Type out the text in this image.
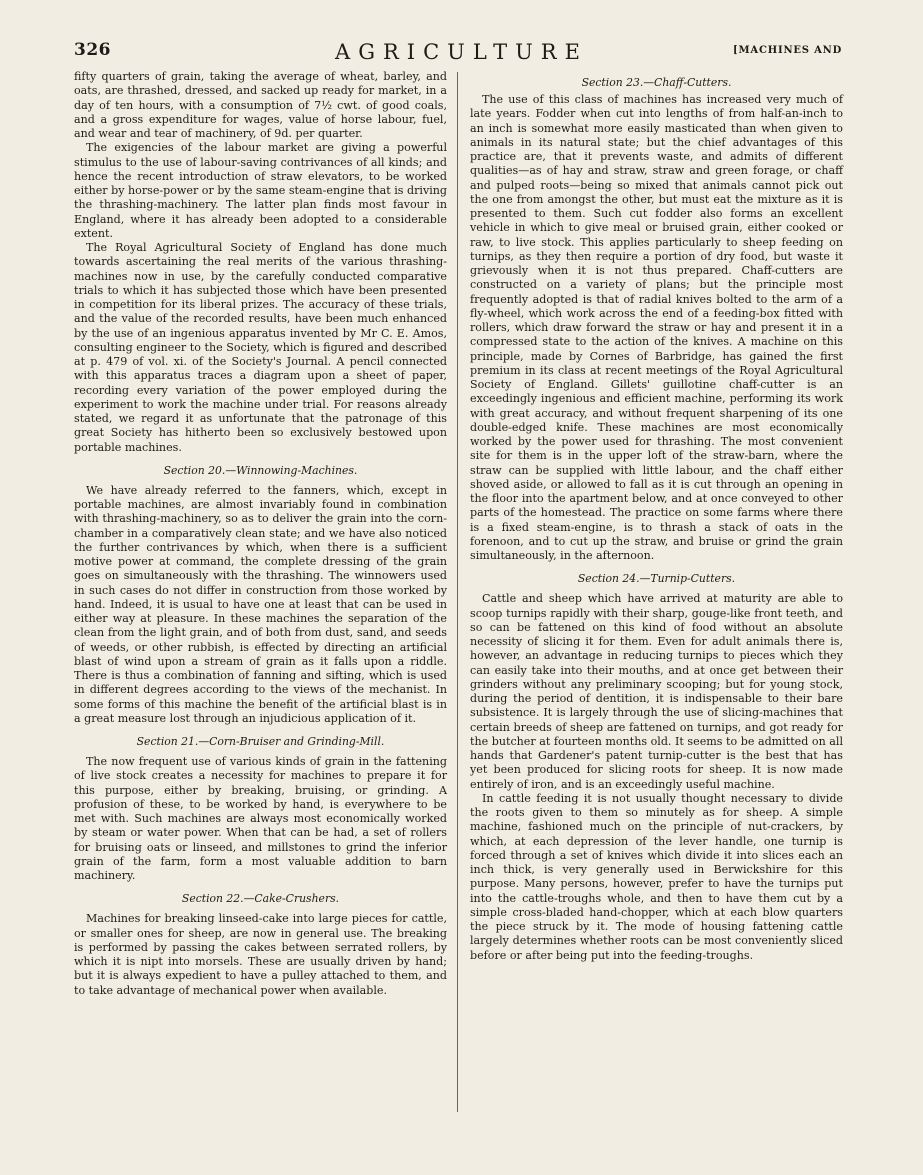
326	AGRICULTURE	[MACHINES AND

fifty quarters of grain, taking the average of wheat, barley, and oats, are thrashed, dressed, and sacked up ready for market, in a day of ten hours, with a consumption of 7½ cwt. of good coals, and a gross expenditure for wages, value of horse labour, fuel, and wear and tear of machinery, of 9d. per quarter.

The exigencies of the labour market are giving a powerful stimulus to the use of labour-saving contrivances of all kinds; and hence the recent introduction of straw elevators, to be worked either by horse-power or by the same steam-engine that is driving the thrashing-machinery. The latter plan finds most favour in England, where it has already been adopted to a considerable extent.

The Royal Agricultural Society of England has done much towards ascertaining the real merits of the various thrashing-machines now in use, by the carefully conducted comparative trials to which it has subjected those which have been presented in competition for its liberal prizes. The accuracy of these trials, and the value of the recorded results, have been much enhanced by the use of an ingenious apparatus invented by Mr C. E. Amos, consulting engineer to the Society, which is figured and described at p. 479 of vol. xi. of the Society's Journal. A pencil connected with this apparatus traces a diagram upon a sheet of paper, recording every variation of the power employed during the experiment to work the machine under trial. For reasons already stated, we regard it as unfortunate that the patronage of this great Society has hitherto been so exclusively bestowed upon portable machines.

Section 20.—Winnowing-Machines.

We have already referred to the fanners, which, except in portable machines, are almost invariably found in combination with thrashing-machinery, so as to deliver the grain into the corn-chamber in a comparatively clean state; and we have also noticed the further contrivances by which, when there is a sufficient motive power at command, the complete dressing of the grain goes on simultaneously with the thrashing. The winnowers used in such cases do not differ in construction from those worked by hand. Indeed, it is usual to have one at least that can be used in either way at pleasure. In these machines the separation of the clean from the light grain, and of both from dust, sand, and seeds of weeds, or other rubbish, is effected by directing an artificial blast of wind upon a stream of grain as it falls upon a riddle. There is thus a combination of fanning and sifting, which is used in different degrees according to the views of the mechanist. In some forms of this machine the benefit of the artificial blast is in a great measure lost through an injudicious application of it.

Section 21.—Corn-Bruiser and Grinding-Mill.

The now frequent use of various kinds of grain in the fattening of live stock creates a necessity for machines to prepare it for this purpose, either by breaking, bruising, or grinding. A profusion of these, to be worked by hand, is everywhere to be met with. Such machines are always most economically worked by steam or water power. When that can be had, a set of rollers for bruising oats or linseed, and millstones to grind the inferior grain of the farm, form a most valuable addition to barn machinery.

Section 22.—Cake-Crushers.

Machines for breaking linseed-cake into large pieces for cattle, or smaller ones for sheep, are now in general use. The breaking is performed by passing the cakes between serrated rollers, by which it is nipt into morsels. These are usually driven by hand; but it is always expedient to have a pulley attached to them, and to take advantage of mechanical power when available.

Section 23.—Chaff-Cutters.

The use of this class of machines has increased very much of late years. Fodder when cut into lengths of from half-an-inch to an inch is somewhat more easily masticated than when given to animals in its natural state; but the chief advantages of this practice are, that it prevents waste, and admits of different qualities—as of hay and straw, straw and green forage, or chaff and pulped roots—being so mixed that animals cannot pick out the one from amongst the other, but must eat the mixture as it is presented to them. Such cut fodder also forms an excellent vehicle in which to give meal or bruised grain, either cooked or raw, to live stock. This applies particularly to sheep feeding on turnips, as they then require a portion of dry food, but waste it grievously when it is not thus prepared. Chaff-cutters are constructed on a variety of plans; but the principle most frequently adopted is that of radial knives bolted to the arm of a fly-wheel, which work across the end of a feeding-box fitted with rollers, which draw forward the straw or hay and present it in a compressed state to the action of the knives. A machine on this principle, made by Cornes of Barbridge, has gained the first premium in its class at recent meetings of the Royal Agricultural Society of England. Gillets' guillotine chaff-cutter is an exceedingly ingenious and efficient machine, performing its work with great accuracy, and without frequent sharpening of its one double-edged knife. These machines are most economically worked by the power used for thrashing. The most convenient site for them is in the upper loft of the straw-barn, where the straw can be supplied with little labour, and the chaff either shoved aside, or allowed to fall as it is cut through an opening in the floor into the apartment below, and at once conveyed to other parts of the homestead. The practice on some farms where there is a fixed steam-engine, is to thrash a stack of oats in the forenoon, and to cut up the straw, and bruise or grind the grain simultaneously, in the afternoon.

Section 24.—Turnip-Cutters.

Cattle and sheep which have arrived at maturity are able to scoop turnips rapidly with their sharp, gouge-like front teeth, and so can be fattened on this kind of food without an absolute necessity of slicing it for them. Even for adult animals there is, however, an advantage in reducing turnips to pieces which they can easily take into their mouths, and at once get between their grinders without any preliminary scooping; but for young stock, during the period of dentition, it is indispensable to their bare subsistence. It is largely through the use of slicing-machines that certain breeds of sheep are fattened on turnips, and got ready for the butcher at fourteen months old. It seems to be admitted on all hands that Gardener's patent turnip-cutter is the best that has yet been produced for slicing roots for sheep. It is now made entirely of iron, and is an exceedingly useful machine.

In cattle feeding it is not usually thought necessary to divide the roots given to them so minutely as for sheep. A simple machine, fashioned much on the principle of nut-crackers, by which, at each depression of the lever handle, one turnip is forced through a set of knives which divide it into slices each an inch thick, is very generally used in Berwickshire for this purpose. Many persons, however, prefer to have the turnips put into the cattle-troughs whole, and then to have them cut by a simple cross-bladed hand-chopper, which at each blow quarters the piece struck by it. The mode of housing fattening cattle largely determines whether roots can be most conveniently sliced before or after being put into the feeding-troughs.
